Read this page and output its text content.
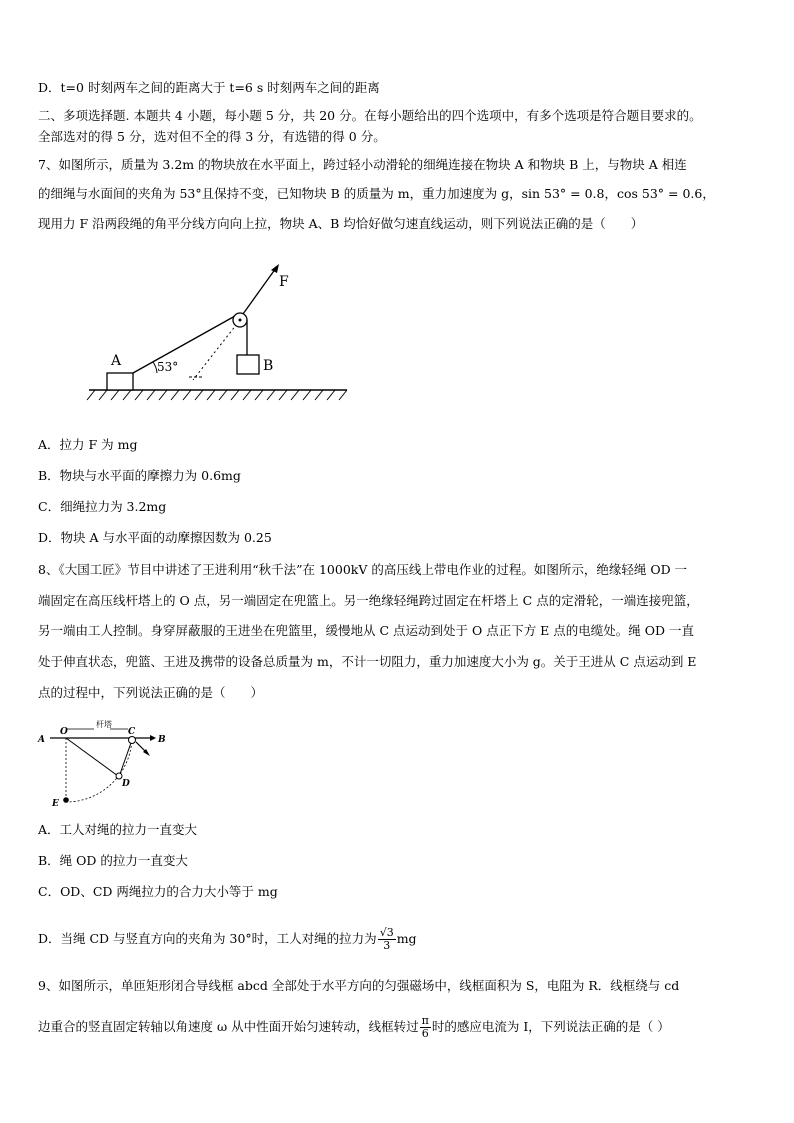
D．t=0 时刻两车之间的距离大于 t=6 s 时刻两车之间的距离
二、多项选择题. 本题共 4 小题，每小题 5 分，共 20 分。在每小题给出的四个选项中，有多个选项是符合题目要求的。
全部选对的得 5 分，选对但不全的得 3 分，有选错的得 0 分。
7、如图所示，质量为 3.2m 的物块放在水平面上，跨过轻小动滑轮的细绳连接在物块 A 和物块 B 上，与物块 A 相连
的细绳与水面间的夹角为 53°且保持不变，已知物块 B 的质量为 m，重力加速度为 g，sin 53° = 0.8，cos 53° = 0.6，
现用力 F 沿两段绳的角平分线方向向上拉，物块 A、B 均恰好做匀速直线运动，则下列说法正确的是（　　）
F
A	B
53°
A．拉力 F 为 mg
B．物块与水平面的摩擦力为 0.6mg
C．细绳拉力为 3.2mg
D．物块 A 与水平面的动摩擦因数为 0.25
8、《大国工匠》节目中讲述了王进利用“秋千法”在 1000kV 的高压线上带电作业的过程。如图所示，绝缘轻绳 OD 一
端固定在高压线杆塔上的 O 点，另一端固定在兜篮上。另一绝缘轻绳跨过固定在杆塔上 C 点的定滑轮，一端连接兜篮，
另一端由工人控制。身穿屏蔽服的王进坐在兜篮里，缓慢地从 C 点运动到处于 O 点正下方 E 点的电缆处。绳 OD 一直
处于伸直状态，兜篮、王进及携带的设备总质量为 m，不计一切阻力，重力加速度大小为 g。关于王进从 C 点运动到 E
点的过程中，下列说法正确的是（　　）
A
O
杆塔
C
B
D
E
A．工人对绳的拉力一直变大
B．绳 OD 的拉力一直变大
C．OD、CD 两绳拉力的合力大小等于 mg
D．当绳 CD 与竖直方向的夹角为 30°时，工人对绳的拉力为 $\frac{√3}{3}$ mg
9、如图所示，单匝矩形闭合导线框 abcd 全部处于水平方向的匀强磁场中，线框面积为 S，电阻为 R．线框绕与 cd
边重合的竖直固定转轴以角速度 ω 从中性面开始匀速转动，线框转过 $\frac{\pi}{6}$ 时的感应电流为 I，下列说法正确的是（ ）
